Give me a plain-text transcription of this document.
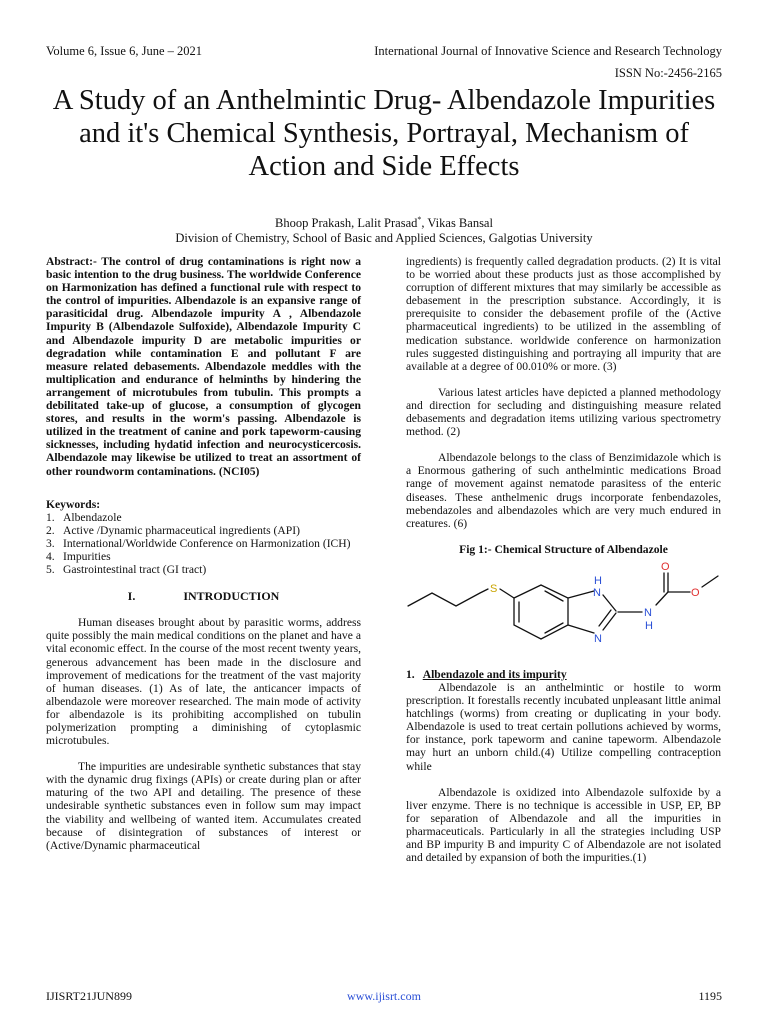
Volume 6, Issue 6, June – 2021	International Journal of Innovative Science and Research Technology
ISSN No:-2456-2165
A Study of an Anthelmintic Drug- Albendazole Impurities and it's Chemical Synthesis, Portrayal, Mechanism of Action and Side Effects
Bhoop Prakash, Lalit Prasad*, Vikas Bansal
Division of Chemistry, School of Basic and Applied Sciences, Galgotias University

Abstract:- The control of drug contaminations is right now a basic intention to the drug business. The worldwide Conference on Harmonization has defined a functional rule with respect to the control of impurities. Albendazole is an expansive range of parasiticidal drug. Albendazole impurity A , Albendazole Impurity B (Albendazole Sulfoxide), Albendazole Impurity C and Albendazole impurity D are metabolic impurities or degradation while contamination E and pollutant F are measure related debasements. Albendazole meddles with the multiplication and endurance of helminths by hindering the arrangement of microtubules from tubulin. This prompts a debilitated take-up of glucose, a consumption of glycogen stores, and results in the worm's passing. Albendazole is utilized in the treatment of canine and pork tapeworm-causing sicknesses, including hydatid infection and neurocysticercosis. Albendazole may likewise be utilized to treat an assortment of other roundworm contaminations. (NCI05)

Keywords:
1. Albendazole
2. Active /Dynamic pharmaceutical ingredients (API)
3. International/Worldwide Conference on Harmonization (ICH)
4. Impurities
5. Gastrointestinal tract (GI tract)
I.	INTRODUCTION

Human diseases brought about by parasitic worms, address quite possibly the main medical conditions on the planet and have a vital economic effect. In the course of the most recent twenty years, generous advancement has been made in the disclosure and improvement of medications for the treatment of the vast majority of human diseases. (1) As of late, the anticancer impacts of albendazole were moreover researched. The main mode of activity for albendazole is its prohibiting accomplished on tubulin polymerization prompting a diminishing of cytoplasmic microtubules.

The impurities are undesirable synthetic substances that stay with the dynamic drug fixings (APIs) or create during plan or after maturing of the two API and detailing. The presence of these undesirable synthetic substances even in follow sum may impact the viability and wellbeing of wanted item. Accumulates created because of disintegration of substances of interest or (Active/Dynamic pharmaceutical

ingredients) is frequently called degradation products. (2) It is vital to be worried about these products just as those accomplished by corruption of different mixtures that may similarly be accessible as debasement in the prescription substance. Accordingly, it is prerequisite to consider the debasement profile of the (Active pharmaceutical ingredients) to be utilized in the assembling of medication substance. worldwide conference on harmonization rules suggested distinguishing and portraying all impurity that are available at a degree of 00.010% or more. (3)

Various latest articles have depicted a planned methodology and direction for secluding and distinguishing measure related debasements and degradation items utilizing various spectrometry method. (2)

Albendazole belongs to the class of Benzimidazole which is a Enormous gathering of such anthelmintic medications Broad range of movement against nematode parasitess of the enteric diseases. These anthelmenic drugs incorporate fenbendazoles, mebendazoles and albendazoles which are very much endured in creatures. (6)

Fig 1:- Chemical Structure of Albendazole
S	N
H
N
N
H
O
O
1. Albendazole and its impurity

Albendazole is an anthelmintic or hostile to worm prescription. It forestalls recently incubated unpleasant little animal hatchlings (worms) from creating or duplicating in your body. Albendazole is used to treat certain pollutions achieved by worms, for instance, pork tapeworm and canine tapeworm. Albendazole may hurt an unborn child.(4) Utilize compelling contraception while

Albendazole is oxidized into Albendazole sulfoxide by a liver enzyme. There is no technique is accessible in USP, EP, BP for separation of Albendazole and all the impurities in pharmaceuticals. Particularly in all the strategies including USP and BP impurity B and impurity C of Albendazole are not isolated and detailed by expansion of both the impurities.(1)

IJISRT21JUN899	www.ijisrt.com	1195
